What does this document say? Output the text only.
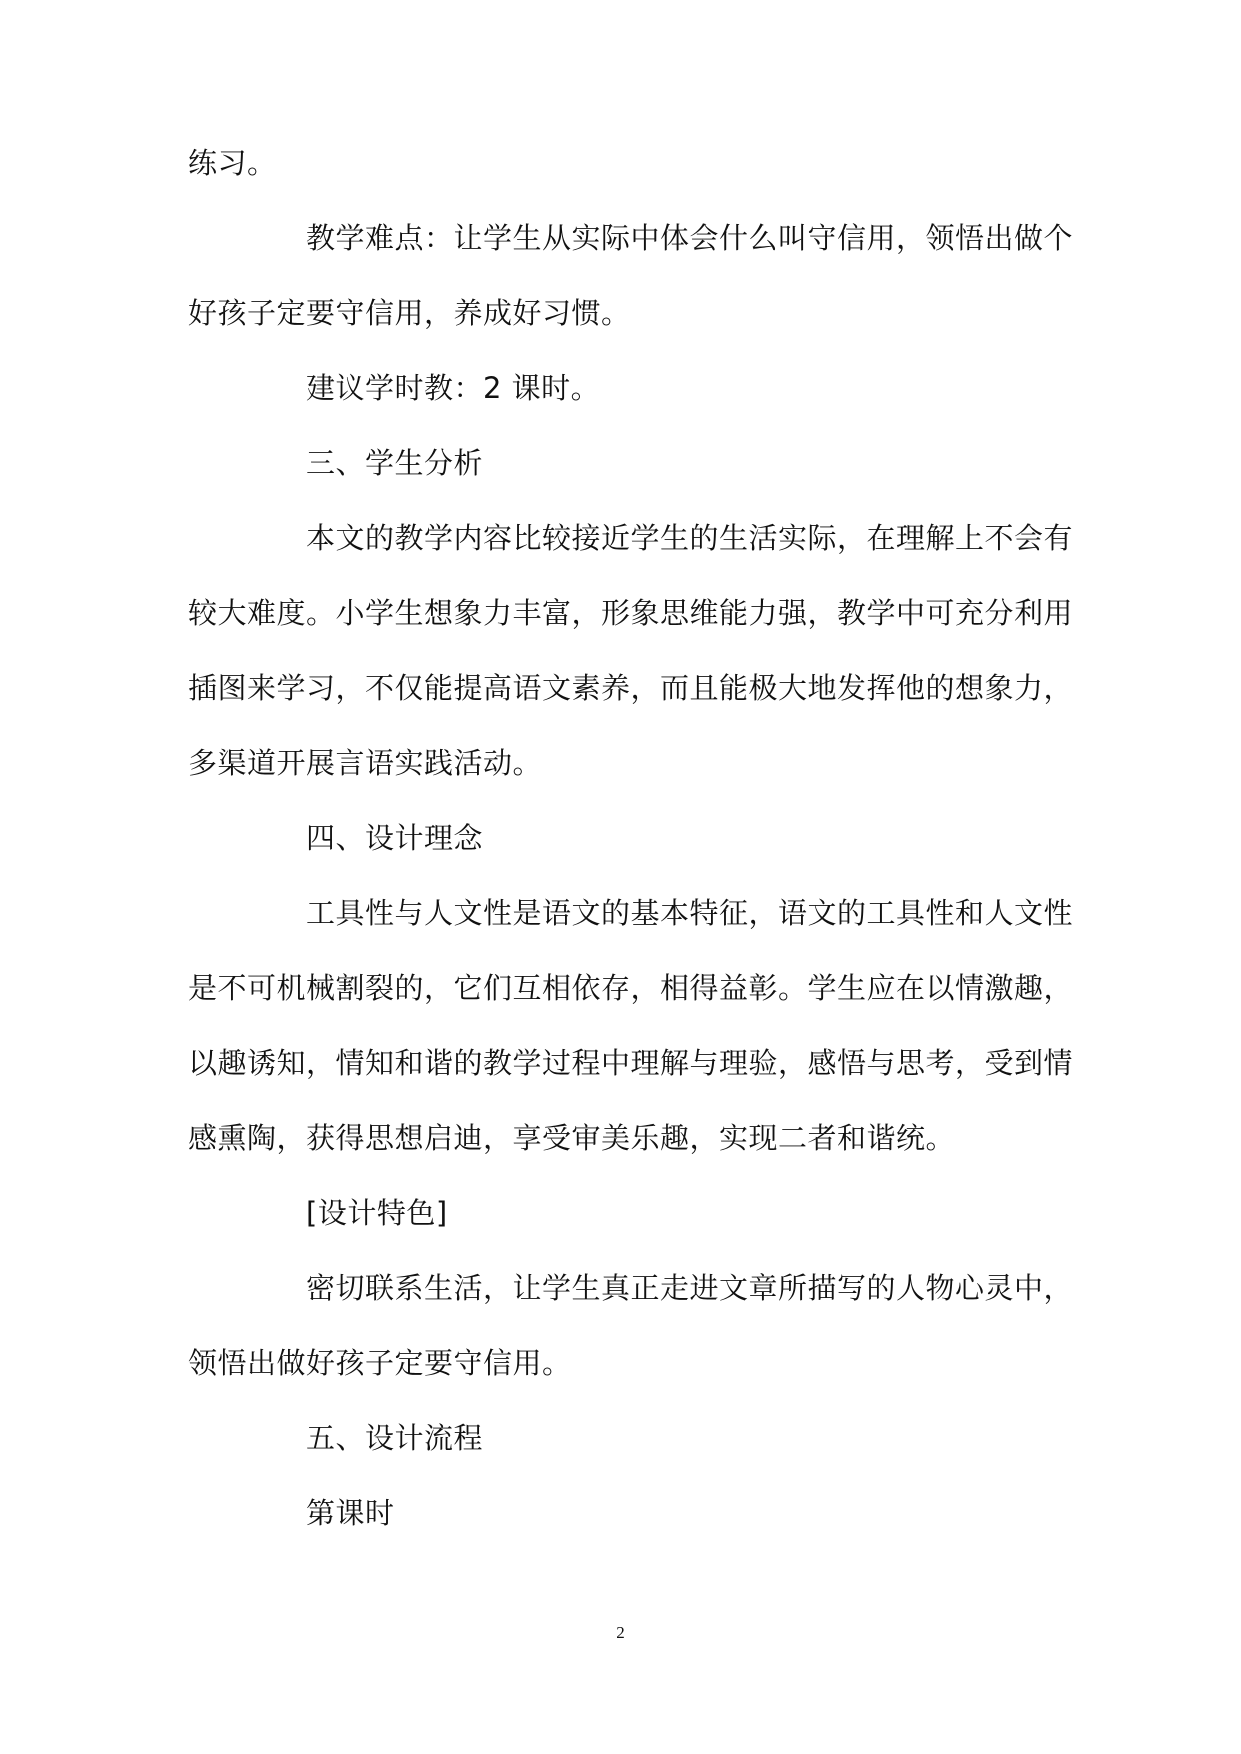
练习。
教学难点：让学生从实际中体会什么叫守信用，领悟出做个
好孩子定要守信用，养成好习惯。
建议学时教：2 课时。
三、学生分析
本文的教学内容比较接近学生的生活实际，在理解上不会有
较大难度。小学生想象力丰富，形象思维能力强，教学中可充分利用
插图来学习，不仅能提高语文素养，而且能极大地发挥他的想象力，
多渠道开展言语实践活动。
四、设计理念
工具性与人文性是语文的基本特征，语文的工具性和人文性
是不可机械割裂的，它们互相依存，相得益彰。学生应在以情激趣，
以趣诱知，情知和谐的教学过程中理解与理验，感悟与思考，受到情
感熏陶，获得思想启迪，享受审美乐趣，实现二者和谐统。
[设计特色]
密切联系生活，让学生真正走进文章所描写的人物心灵中，
领悟出做好孩子定要守信用。
五、设计流程
第课时
2
